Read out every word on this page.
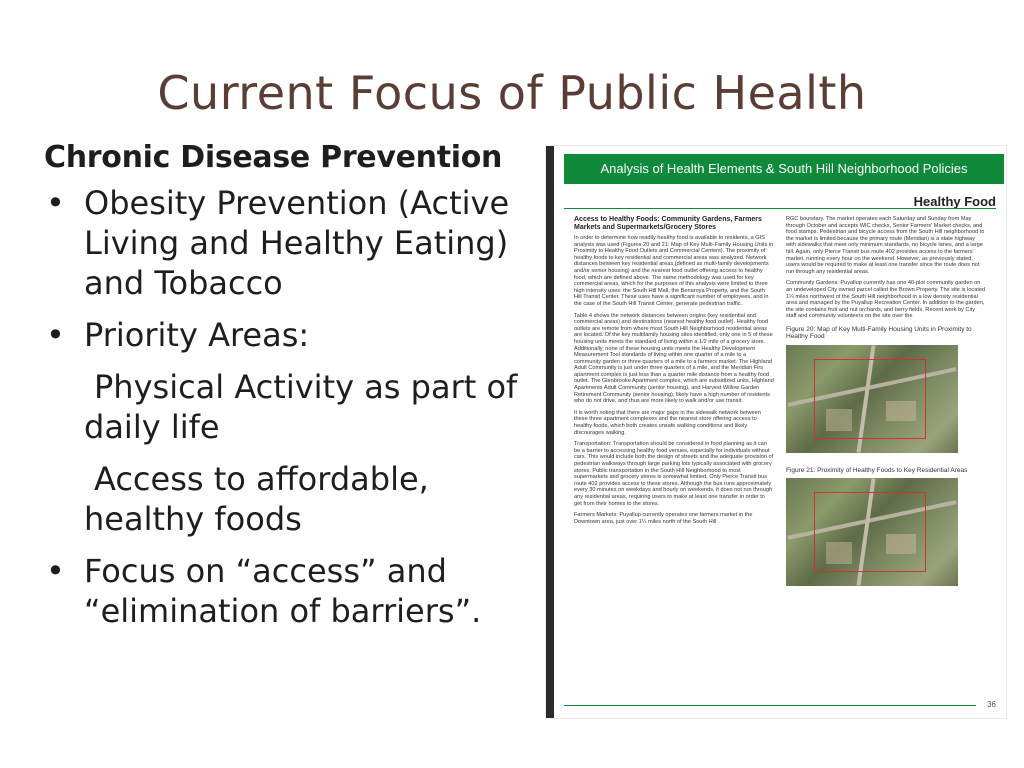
Current Focus of Public Health
Chronic Disease Prevention
• Obesity Prevention (Active Living and Healthy Eating) and Tobacco
• Priority Areas:
Physical Activity as part of daily life
Access to affordable, healthy foods
• Focus on “access” and “elimination of barriers”.
Analysis of Health Elements & South Hill Neighborhood Policies
Healthy Food
Access to Healthy Foods: Community Gardens, Farmers Markets and Supermarkets/Grocery Stores
In order to determine how readily healthy food is available to residents, a GIS analysis was used (Figures 20 and 21: Map of Key Multi-Family Housing Units in Proximity to Healthy Food Outlets and Commercial Centers). The proximity of healthy foods to key residential and commercial areas was analyzed. Network distances between key residential areas (defined as multi-family developments and/or senior housing) and the nearest food outlet offering access to healthy food, which are defined above. The same methodology was used for key commercial areas, which for the purposes of this analysis were limited to three high intensity uses: the South Hill Mall, the Benaroya Property, and the South Hill Transit Center. These uses have a significant number of employees, and in the case of the South Hill Transit Center, generate pedestrian traffic.
Table 4 shows the network distances between origins (key residential and commercial areas) and destinations (nearest healthy food outlet). Healthy food outlets are remote from where most South Hill Neighborhood residential areas are located. Of the key multifamily housing sites identified, only one in 5 of these housing units meets the standard of living within a 1/2 mile of a grocery store. Additionally, none of these housing units meets the Healthy Development Measurement Tool standards of living within one quarter of a mile to a community garden or three quarters of a mile to a farmers market. The Highland Adult Community is just under three quarters of a mile, and the Meridian Firs apartment complex is just less than a quarter mile distance from a healthy food outlet. The Glenbrooke Apartment complex, which are subsidized units, Highland Apartments Adult Community (senior housing), and Harvest Willow Garden Retirement Community (senior housing), likely have a high number of residents who do not drive, and thus are more likely to walk and/or use transit.
It is worth noting that there are major gaps in the sidewalk network between these three apartment complexes and the nearest store offering access to healthy foods, which both creates unsafe walking conditions and likely discourages walking.
Transportation: Transportation should be considered in food planning as it can be a barrier to accessing healthy food venues, especially for individuals without cars. This would include both the design of streets and the adequate provision of pedestrian walkways through large parking lots typically associated with grocery stores. Public transportation in the South Hill Neighborhood to most supermarkets and grocery stores is somewhat limited. Only Pierce Transit bus route 402 provides access to these stores. Although the bus runs approximately every 30 minutes on weekdays and hourly on weekends, it does not run through any residential areas, requiring users to make at least one transfer in order to get from their homes to the stores.
Farmers Markets: Puyallup currently operates one farmers market in the Downtown area, just over 1¼ miles north of the South Hill
RGC boundary. The market operates each Saturday and Sunday from May through October and accepts WIC checks, Senior Farmers' Market checks, and food stamps. Pedestrian and bicycle access from the South Hill neighborhood to the market is limited because the primary route (Meridian) is a state highway with sidewalks that meet only minimum standards, no bicycle lanes, and a large hill. Again, only Pierce Transit bus route 402 provides access to the farmers' market, running every hour on the weekend. However, as previously stated, users would be required to make at least one transfer since the route does not run through any residential areas.
Community Gardens: Puyallup currently has one 40-plot community garden on an undeveloped City owned parcel called the Brown Property. The site is located 1¼ miles northwest of the South Hill neighborhood in a low density residential area and managed by the Puyallup Recreation Center. In addition to the garden, the site contains fruit and nut orchards, and berry fields. Recent work by City staff and community volunteers on the site over the
Figure 20: Map of Key Multi-Family Housing Units in Proximity to Healthy Food
Figure 21: Proximity of Healthy Foods to Key Residential Areas
36
